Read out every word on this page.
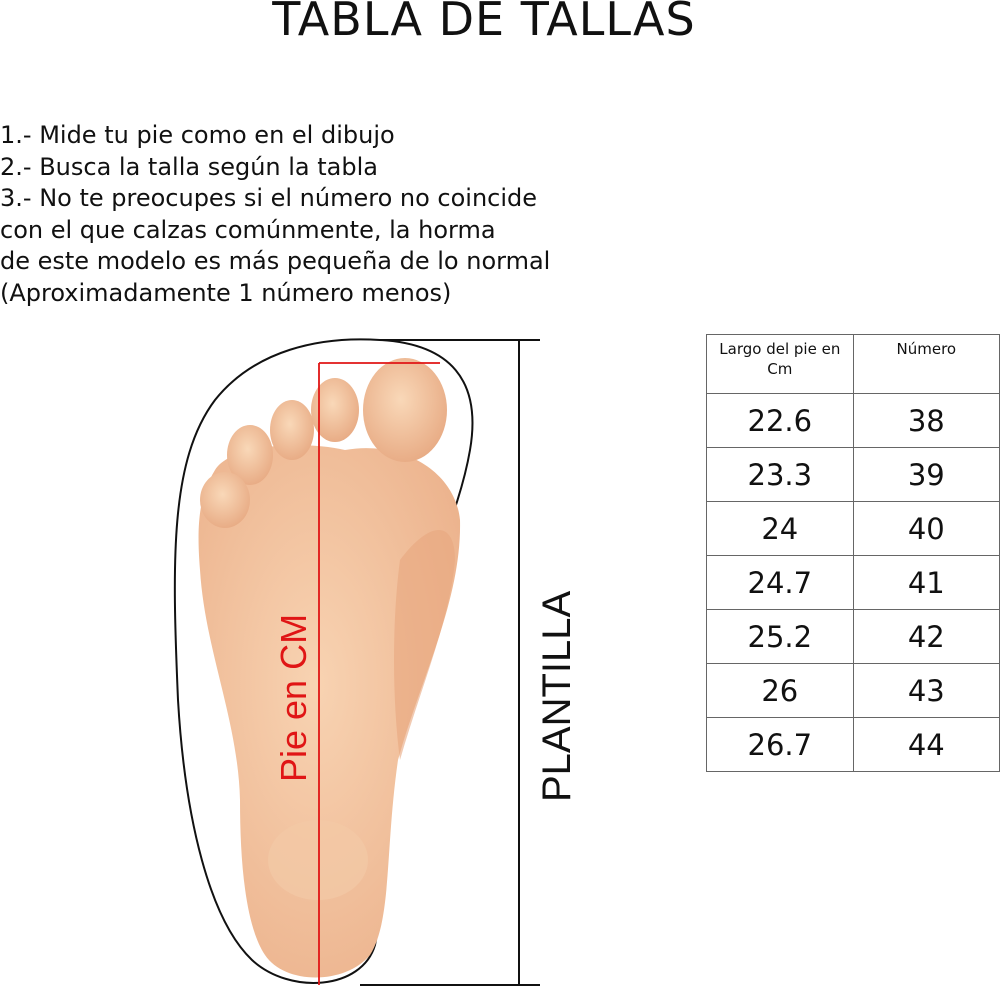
TABLA DE TALLAS
1.- Mide tu pie como en el dibujo
2.- Busca la talla según la tabla
3.- No te preocupes si el número no coincide
con el que calzas comúnmente, la horma
de este modelo es más pequeña de lo normal
(Aproximadamente 1 número menos)
Pie en CM	PLANTILLA
Largo del pie en Cm	Número
22.6	38
23.3	39
24	40
24.7	41
25.2	42
26	43
26.7	44
